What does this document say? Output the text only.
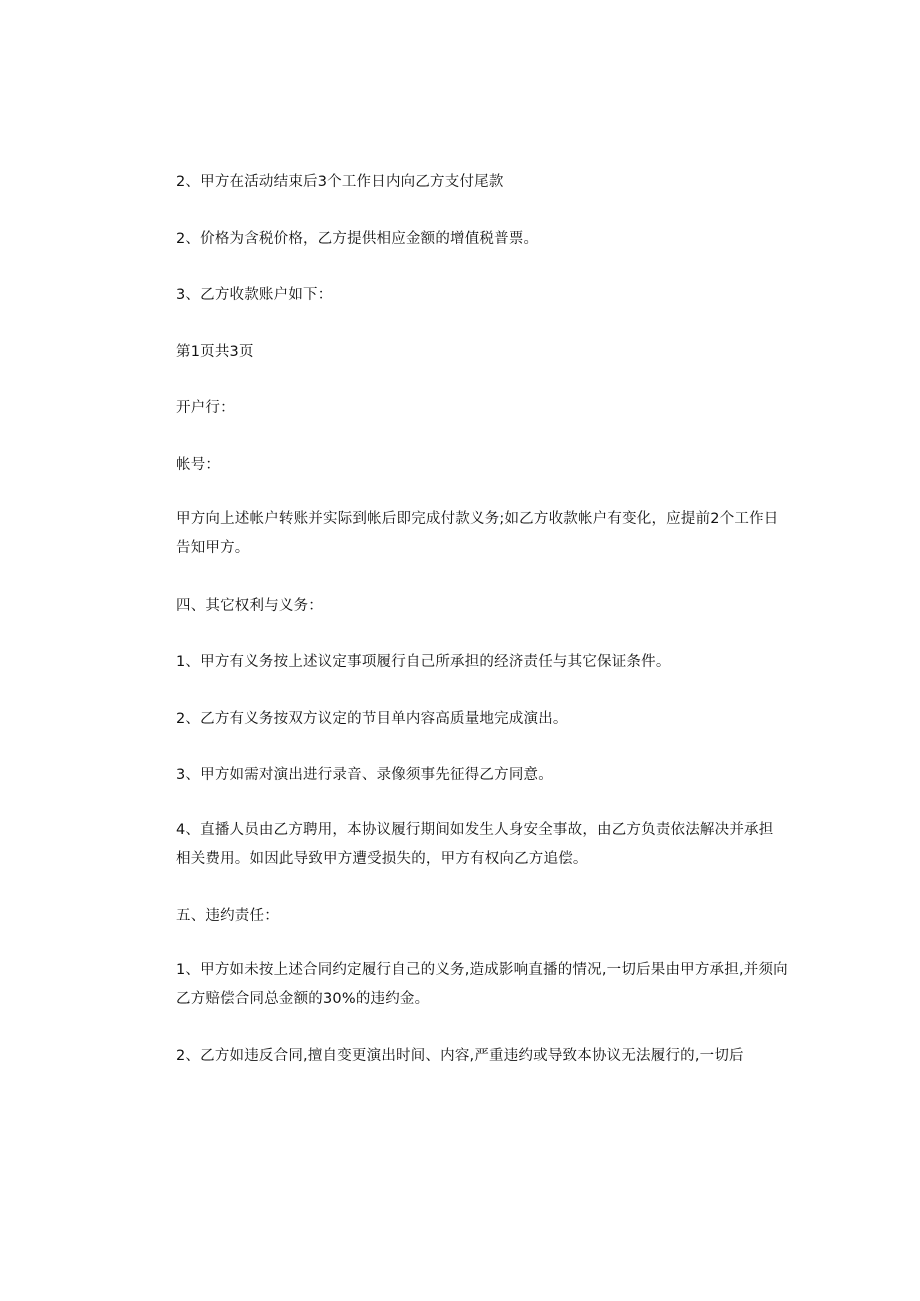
2、甲方在活动结束后3个工作日内向乙方支付尾款

2、价格为含税价格，乙方提供相应金额的增值税普票。

3、乙方收款账户如下：

第1页共3页

开户行：

帐号：

甲方向上述帐户转账并实际到帐后即完成付款义务;如乙方收款帐户有变化，应提前2个工作日告知甲方。

四、其它权利与义务：

1、甲方有义务按上述议定事项履行自己所承担的经济责任与其它保证条件。

2、乙方有义务按双方议定的节目单内容高质量地完成演出。

3、甲方如需对演出进行录音、录像须事先征得乙方同意。

4、直播人员由乙方聘用，本协议履行期间如发生人身安全事故，由乙方负责依法解决并承担相关费用。如因此导致甲方遭受损失的，甲方有权向乙方追偿。

五、违约责任：

1、甲方如未按上述合同约定履行自己的义务,造成影响直播的情况,一切后果由甲方承担,并须向乙方赔偿合同总金额的30%的违约金。

2、乙方如违反合同,擅自变更演出时间、内容,严重违约或导致本协议无法履行的,一切后
